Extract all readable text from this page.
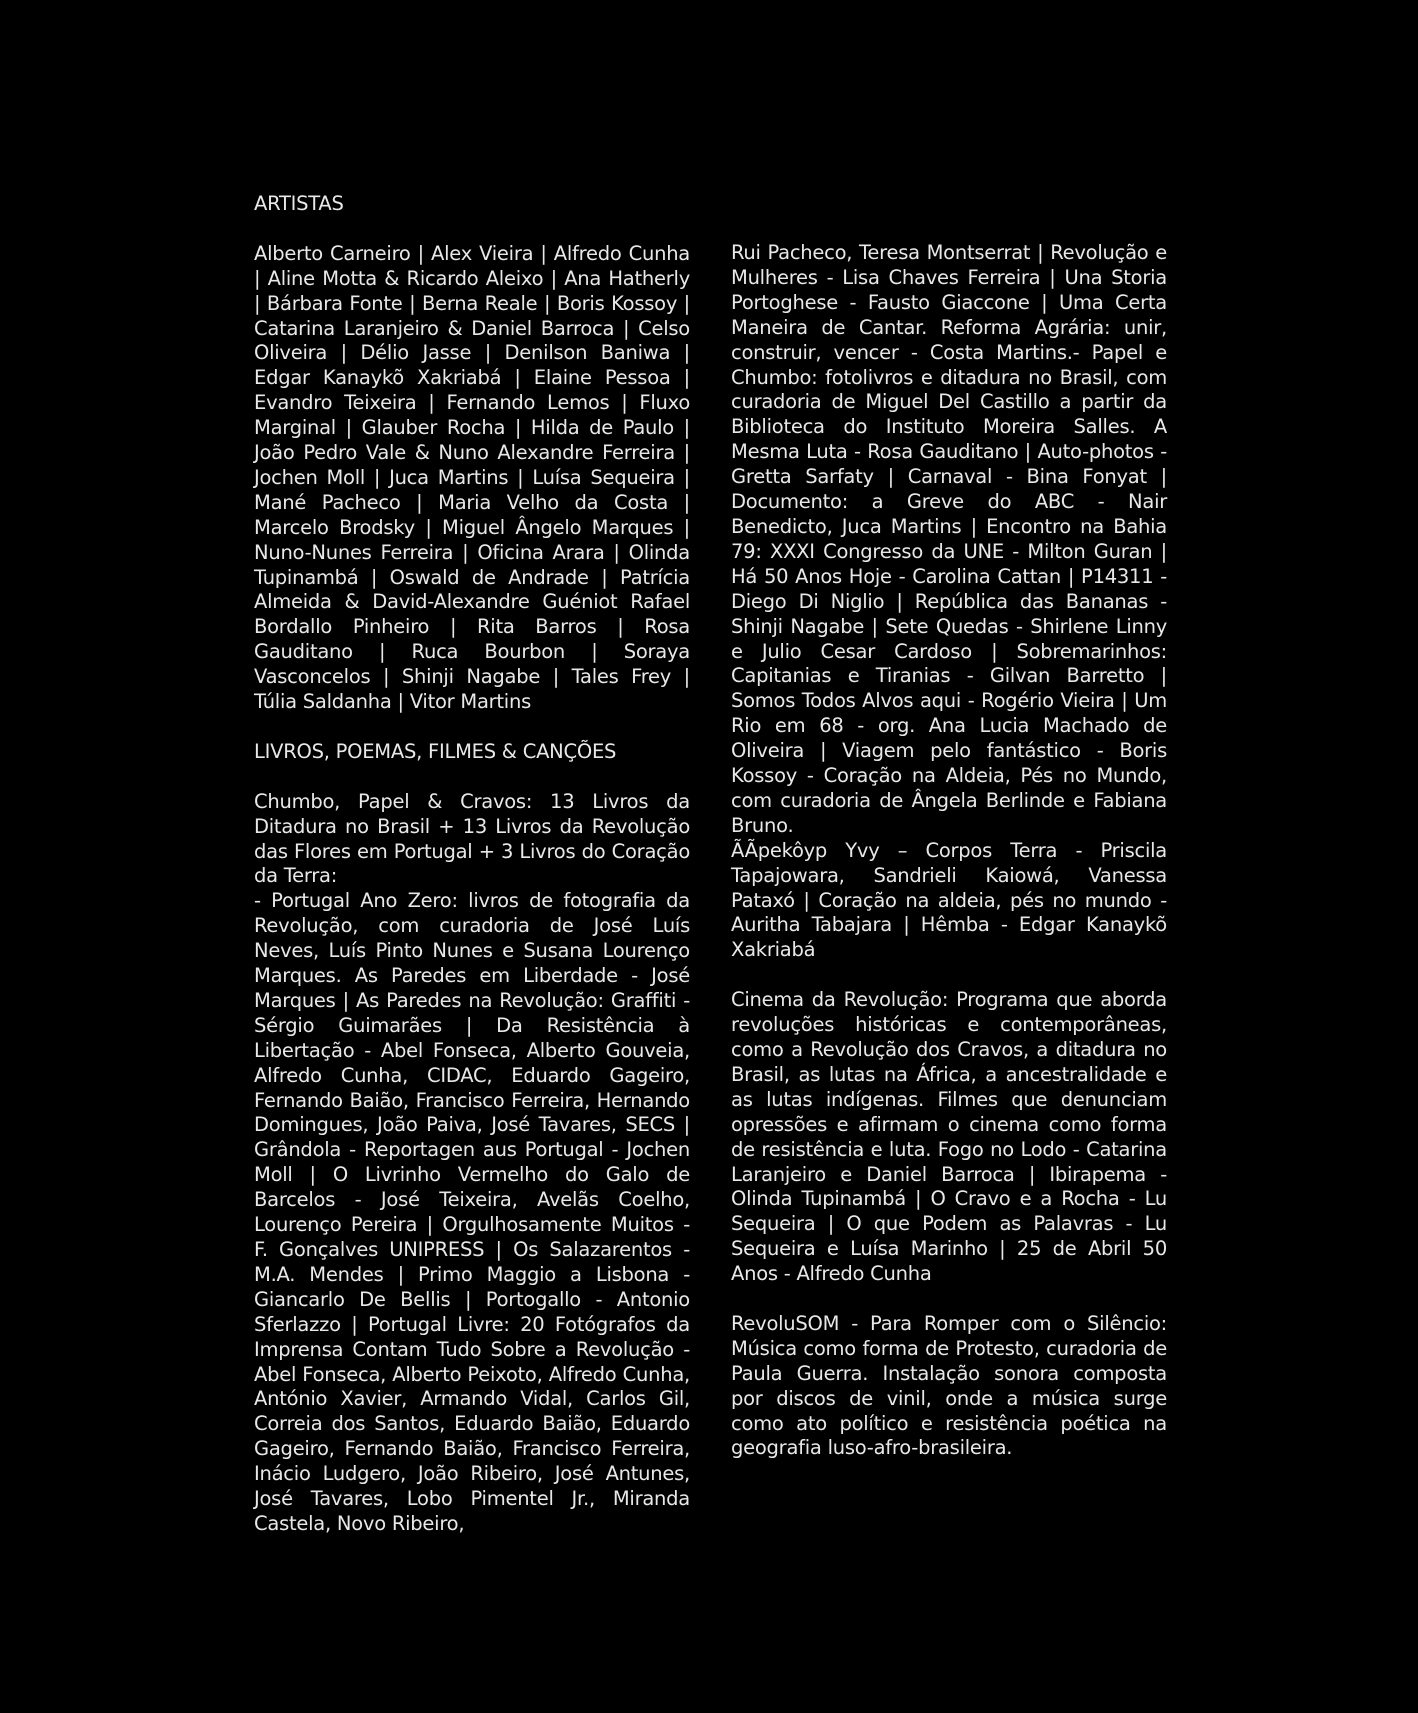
ARTISTAS

Alberto Carneiro | Alex Vieira | Alfredo Cunha | Aline Motta & Ricardo Aleixo | Ana Hatherly | Bárbara Fonte | Berna Reale | Boris Kossoy | Catarina Laranjeiro & Daniel Barroca | Celso Oliveira | Délio Jasse | Denilson Baniwa | Edgar Kanaykõ Xakriabá | Elaine Pessoa | Evandro Teixeira | Fernando Lemos | Fluxo Marginal | Glauber Rocha | Hilda de Paulo | João Pedro Vale & Nuno Alexandre Ferreira | Jochen Moll | Juca Martins | Luísa Sequeira | Mané Pacheco | Maria Velho da Costa | Marcelo Brodsky | Miguel Ângelo Marques | Nuno-Nunes Ferreira | Oficina Arara | Olinda Tupinambá | Oswald de Andrade | Patrícia Almeida & David-Alexandre Guéniot Rafael Bordallo Pinheiro | Rita Barros | Rosa Gauditano | Ruca Bourbon | Soraya Vasconcelos | Shinji Nagabe | Tales Frey | Túlia Saldanha | Vitor Martins

LIVROS, POEMAS, FILMES & CANÇÕES

Chumbo, Papel & Cravos: 13 Livros da Ditadura no Brasil + 13 Livros da Revolução das Flores em Portugal + 3 Livros do Coração da Terra:

- Portugal Ano Zero: livros de fotografia da Revolução, com curadoria de José Luís Neves, Luís Pinto Nunes e Susana Lourenço Marques. As Paredes em Liberdade - José Marques | As Paredes na Revolução: Graffiti - Sérgio Guimarães | Da Resistência à Libertação - Abel Fonseca, Alberto Gouveia, Alfredo Cunha, CIDAC, Eduardo Gageiro, Fernando Baião, Francisco Ferreira, Hernando Domingues, João Paiva, José Tavares, SECS | Grândola - Reportagen aus Portugal - Jochen Moll | O Livrinho Vermelho do Galo de Barcelos - José Teixeira, Avelãs Coelho, Lourenço Pereira | Orgulhosamente Muitos - F. Gonçalves UNIPRESS | Os Salazarentos - M.A. Mendes | Primo Maggio a Lisbona - Giancarlo De Bellis | Portogallo - Antonio Sferlazzo | Portugal Livre: 20 Fotógrafos da Imprensa Contam Tudo Sobre a Revolução - Abel Fonseca, Alberto Peixoto, Alfredo Cunha, António Xavier, Armando Vidal, Carlos Gil, Correia dos Santos, Eduardo Baião, Eduardo Gageiro, Fernando Baião, Francisco Ferreira, Inácio Ludgero, João Ribeiro, José Antunes, José Tavares, Lobo Pimentel Jr., Miranda Castela, Novo Ribeiro,

Rui Pacheco, Teresa Montserrat | Revolução e Mulheres - Lisa Chaves Ferreira | Una Storia Portoghese - Fausto Giaccone | Uma Certa Maneira de Cantar. Reforma Agrária: unir, construir, vencer - Costa Martins.- Papel e Chumbo: fotolivros e ditadura no Brasil, com curadoria de Miguel Del Castillo a partir da Biblioteca do Instituto Moreira Salles. A Mesma Luta - Rosa Gauditano | Auto-photos - Gretta Sarfaty | Carnaval - Bina Fonyat | Documento: a Greve do ABC - Nair Benedicto, Juca Martins | Encontro na Bahia 79: XXXI Congresso da UNE - Milton Guran | Há 50 Anos Hoje - Carolina Cattan | P14311 - Diego Di Niglio | República das Bananas - Shinji Nagabe | Sete Quedas - Shirlene Linny e Julio Cesar Cardoso | Sobremarinhos: Capitanias e Tiranias - Gilvan Barretto | Somos Todos Alvos aqui - Rogério Vieira | Um Rio em 68 - org. Ana Lucia Machado de Oliveira | Viagem pelo fantástico - Boris Kossoy - Coração na Aldeia, Pés no Mundo, com curadoria de Ângela Berlinde e Fabiana Bruno.

ÃÃpekôyp Yvy – Corpos Terra - Priscila Tapajowara, Sandrieli Kaiowá, Vanessa Pataxó | Coração na aldeia, pés no mundo - Auritha Tabajara | Hêmba - Edgar Kanaykõ Xakriabá

Cinema da Revolução: Programa que aborda revoluções históricas e contemporâneas, como a Revolução dos Cravos, a ditadura no Brasil, as lutas na África, a ancestralidade e as lutas indígenas. Filmes que denunciam opressões e afirmam o cinema como forma de resistência e luta. Fogo no Lodo - Catarina Laranjeiro e Daniel Barroca | Ibirapema - Olinda Tupinambá | O Cravo e a Rocha - Lu Sequeira | O que Podem as Palavras - Lu Sequeira e Luísa Marinho | 25 de Abril 50 Anos - Alfredo Cunha

RevoluSOM - Para Romper com o Silêncio: Música como forma de Protesto, curadoria de Paula Guerra. Instalação sonora composta por discos de vinil, onde a música surge como ato político e resistência poética na geografia luso-afro-brasileira.
